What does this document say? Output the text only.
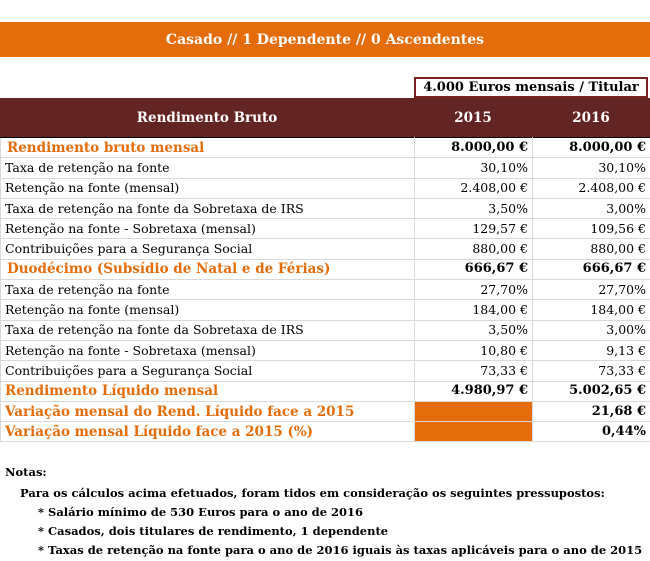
Casado // 1 Dependente // 0 Ascendentes
4.000 Euros mensais / Titular
Rendimento Bruto	2015	2016
Rendimento bruto mensal	8.000,00 €	8.000,00 €
Taxa de retenção na fonte	30,10%	30,10%
Retenção na fonte (mensal)	2.408,00 €	2.408,00 €
Taxa de retenção na fonte da Sobretaxa de IRS	3,50%	3,00%
Retenção na fonte - Sobretaxa (mensal)	129,57 €	109,56 €
Contribuições para a Segurança Social	880,00 €	880,00 €
Duodécimo (Subsídio de Natal e de Férias)	666,67 €	666,67 €
Taxa de retenção na fonte	27,70%	27,70%
Retenção na fonte (mensal)	184,00 €	184,00 €
Taxa de retenção na fonte da Sobretaxa de IRS	3,50%	3,00%
Retenção na fonte - Sobretaxa (mensal)	10,80 €	9,13 €
Contribuições para a Segurança Social	73,33 €	73,33 €
Rendimento Líquido mensal	4.980,97 €	5.002,65 €
Variação mensal do Rend. Líquido face a 2015		21,68 €
Variação mensal Líquido face a 2015 (%)		0,44%
Notas:
Para os cálculos acima efetuados, foram tidos em consideração os seguintes pressupostos:
* Salário mínimo de 530 Euros para o ano de 2016
* Casados, dois titulares de rendimento, 1 dependente
* Taxas de retenção na fonte para o ano de 2016 iguais às taxas aplicáveis para o ano de 2015
